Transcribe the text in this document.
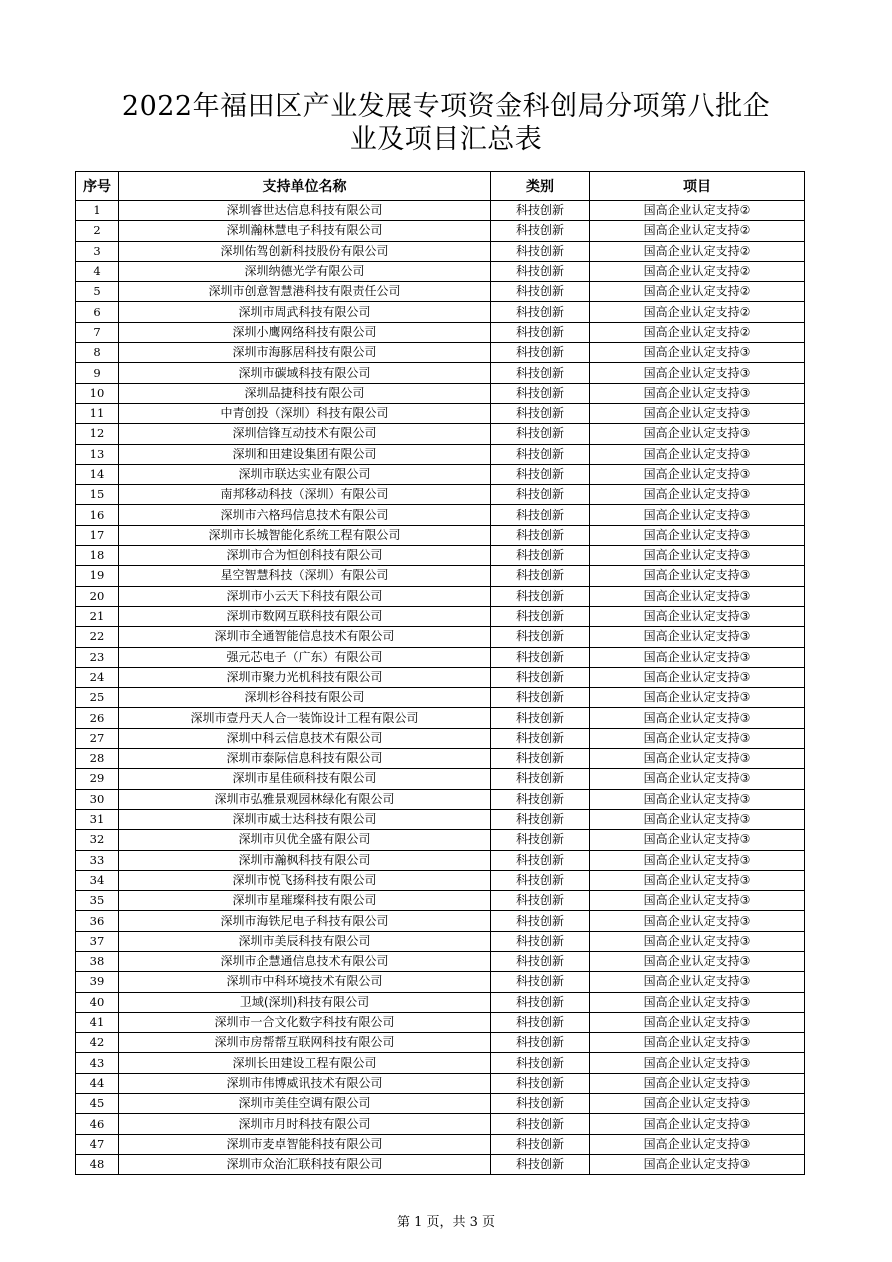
2022年福田区产业发展专项资金科创局分项第八批企
业及项目汇总表
序号	支持单位名称	类别	项目
1	深圳睿世达信息科技有限公司	科技创新	国高企业认定支持②
2	深圳瀚林慧电子科技有限公司	科技创新	国高企业认定支持②
3	深圳佑驾创新科技股份有限公司	科技创新	国高企业认定支持②
4	深圳纳德光学有限公司	科技创新	国高企业认定支持②
5	深圳市创意智慧港科技有限责任公司	科技创新	国高企业认定支持②
6	深圳市周武科技有限公司	科技创新	国高企业认定支持②
7	深圳小鹰网络科技有限公司	科技创新	国高企业认定支持②
8	深圳市海豚居科技有限公司	科技创新	国高企业认定支持③
9	深圳市碳域科技有限公司	科技创新	国高企业认定支持③
10	深圳品捷科技有限公司	科技创新	国高企业认定支持③
11	中青创投（深圳）科技有限公司	科技创新	国高企业认定支持③
12	深圳信锋互动技术有限公司	科技创新	国高企业认定支持③
13	深圳和田建设集团有限公司	科技创新	国高企业认定支持③
14	深圳市联达实业有限公司	科技创新	国高企业认定支持③
15	南邦移动科技（深圳）有限公司	科技创新	国高企业认定支持③
16	深圳市六格玛信息技术有限公司	科技创新	国高企业认定支持③
17	深圳市长城智能化系统工程有限公司	科技创新	国高企业认定支持③
18	深圳市合为恒创科技有限公司	科技创新	国高企业认定支持③
19	星空智慧科技（深圳）有限公司	科技创新	国高企业认定支持③
20	深圳市小云天下科技有限公司	科技创新	国高企业认定支持③
21	深圳市数网互联科技有限公司	科技创新	国高企业认定支持③
22	深圳市全通智能信息技术有限公司	科技创新	国高企业认定支持③
23	强元芯电子（广东）有限公司	科技创新	国高企业认定支持③
24	深圳市聚力光机科技有限公司	科技创新	国高企业认定支持③
25	深圳杉谷科技有限公司	科技创新	国高企业认定支持③
26	深圳市壹丹天人合一装饰设计工程有限公司	科技创新	国高企业认定支持③
27	深圳中科云信息技术有限公司	科技创新	国高企业认定支持③
28	深圳市泰际信息科技有限公司	科技创新	国高企业认定支持③
29	深圳市星佳硕科技有限公司	科技创新	国高企业认定支持③
30	深圳市弘雅景观园林绿化有限公司	科技创新	国高企业认定支持③
31	深圳市威士达科技有限公司	科技创新	国高企业认定支持③
32	深圳市贝优全盛有限公司	科技创新	国高企业认定支持③
33	深圳市瀚枫科技有限公司	科技创新	国高企业认定支持③
34	深圳市悦飞扬科技有限公司	科技创新	国高企业认定支持③
35	深圳市星璀璨科技有限公司	科技创新	国高企业认定支持③
36	深圳市海铁尼电子科技有限公司	科技创新	国高企业认定支持③
37	深圳市美辰科技有限公司	科技创新	国高企业认定支持③
38	深圳市企慧通信息技术有限公司	科技创新	国高企业认定支持③
39	深圳市中科环境技术有限公司	科技创新	国高企业认定支持③
40	卫域(深圳)科技有限公司	科技创新	国高企业认定支持③
41	深圳市一合文化数字科技有限公司	科技创新	国高企业认定支持③
42	深圳市房帮帮互联网科技有限公司	科技创新	国高企业认定支持③
43	深圳长田建设工程有限公司	科技创新	国高企业认定支持③
44	深圳市伟博威讯技术有限公司	科技创新	国高企业认定支持③
45	深圳市美佳空调有限公司	科技创新	国高企业认定支持③
46	深圳市月时科技有限公司	科技创新	国高企业认定支持③
47	深圳市麦卓智能科技有限公司	科技创新	国高企业认定支持③
48	深圳市众治汇联科技有限公司	科技创新	国高企业认定支持③
第 1 页，共 3 页
